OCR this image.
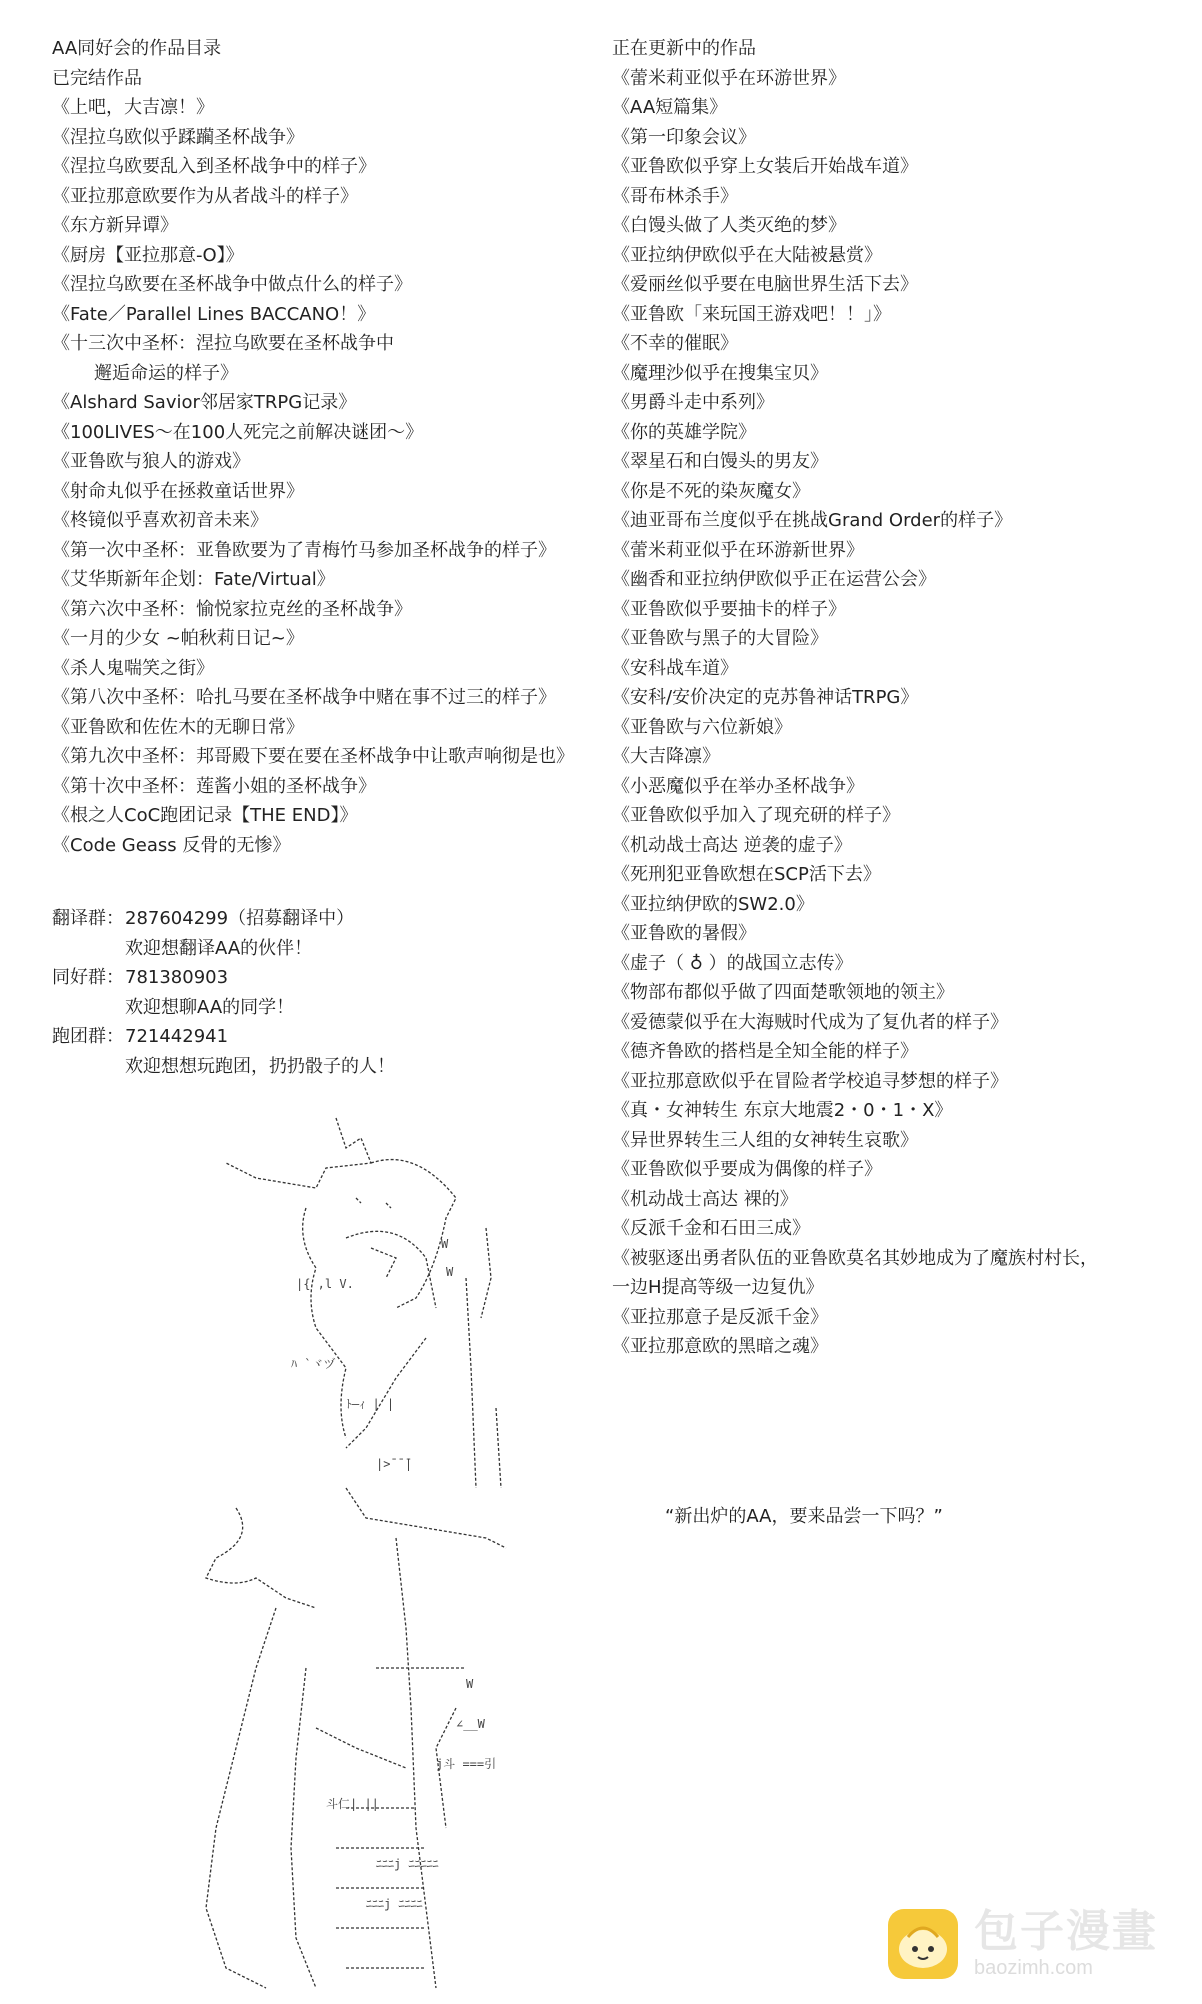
AA同好会的作品目录
已完结作品
《上吧，大吉凛！》
《涅拉乌欧似乎蹂躏圣杯战争》
《涅拉乌欧要乱入到圣杯战争中的样子》
《亚拉那意欧要作为从者战斗的样子》
《东方新异谭》
《厨房【亚拉那意-O】》
《涅拉乌欧要在圣杯战争中做点什么的样子》
《Fate／Parallel Lines BACCANO！》
《十三次中圣杯：涅拉乌欧要在圣杯战争中
邂逅命运的样子》
《Alshard Savior邻居家TRPG记录》
《100LIVES～在100人死完之前解决谜团～》
《亚鲁欧与狼人的游戏》
《射命丸似乎在拯救童话世界》
《柊镜似乎喜欢初音未来》
《第一次中圣杯：亚鲁欧要为了青梅竹马参加圣杯战争的样子》
《艾华斯新年企划：Fate/Virtual》
《第六次中圣杯：愉悦家拉克丝的圣杯战争》
《一月的少女 ~帕秋莉日记~》
《杀人鬼喘笑之街》
《第八次中圣杯：哈扎马要在圣杯战争中赌在事不过三的样子》
《亚鲁欧和佐佐木的无聊日常》
《第九次中圣杯：邦哥殿下要在要在圣杯战争中让歌声响彻是也》
《第十次中圣杯：莲酱小姐的圣杯战争》
《根之人CoC跑团记录【THE END】》
《Code Geass 反骨的无惨》
翻译群： 287604299（招募翻译中）
欢迎想翻译AA的伙伴！
同好群： 781380903
欢迎想聊AA的同学！
跑团群： 721442941
欢迎想想玩跑团，扔扔骰子的人！
正在更新中的作品
《蕾米莉亚似乎在环游世界》
《AA短篇集》
《第一印象会议》
《亚鲁欧似乎穿上女装后开始战车道》
《哥布林杀手》
《白馒头做了人类灭绝的梦》
《亚拉纳伊欧似乎在大陆被悬赏》
《爱丽丝似乎要在电脑世界生活下去》
《亚鲁欧「来玩国王游戏吧！！」》
《不幸的催眠》
《魔理沙似乎在搜集宝贝》
《男爵斗走中系列》
《你的英雄学院》
《翠星石和白馒头的男友》
《你是不死的染灰魔女》
《迪亚哥布兰度似乎在挑战Grand Order的样子》
《蕾米莉亚似乎在环游新世界》
《幽香和亚拉纳伊欧似乎正在运营公会》
《亚鲁欧似乎要抽卡的样子》
《亚鲁欧与黑子的大冒险》
《安科战车道》
《安科/安价决定的克苏鲁神话TRPG》
《亚鲁欧与六位新娘》
《大吉降凛》
《小恶魔似乎在举办圣杯战争》
《亚鲁欧似乎加入了现充研的样子》
《机动战士高达 逆袭的虚子》
《死刑犯亚鲁欧想在SCP活下去》
《亚拉纳伊欧的SW2.0》
《亚鲁欧的暑假》
《虚子（ ♁ ）的战国立志传》
《物部布都似乎做了四面楚歌领地的领主》
《爱德蒙似乎在大海贼时代成为了复仇者的样子》
《德齐鲁欧的搭档是全知全能的样子》
《亚拉那意欧似乎在冒险者学校追寻梦想的样子》
《真・女神转生 东京大地震2・0・1・X》
《异世界转生三人组的女神转生哀歌》
《亚鲁欧似乎要成为偶像的样子》
《机动战士高达 裸的》
《反派千金和石田三成》
《被驱逐出勇者队伍的亚鲁欧莫名其妙地成为了魔族村村长，
一边H提高等级一边复仇》
《亚拉那意子是反派千金》
《亚拉那意欧的黑暗之魂》
W
W
|{ ,l V.
ﾊ `ヾヅ
ﾄ―ｨ | |
|>̄ ̄ ̄|
W
∠__W
j斗 ===引
斗仁| ||
ﾆﾆﾆj ﾆﾆﾆﾆﾆ
ﾆﾆﾆj ﾆﾆﾆﾆ
“新出炉的AA，要来品尝一下吗？”
包子漫畫
baozimh.com
